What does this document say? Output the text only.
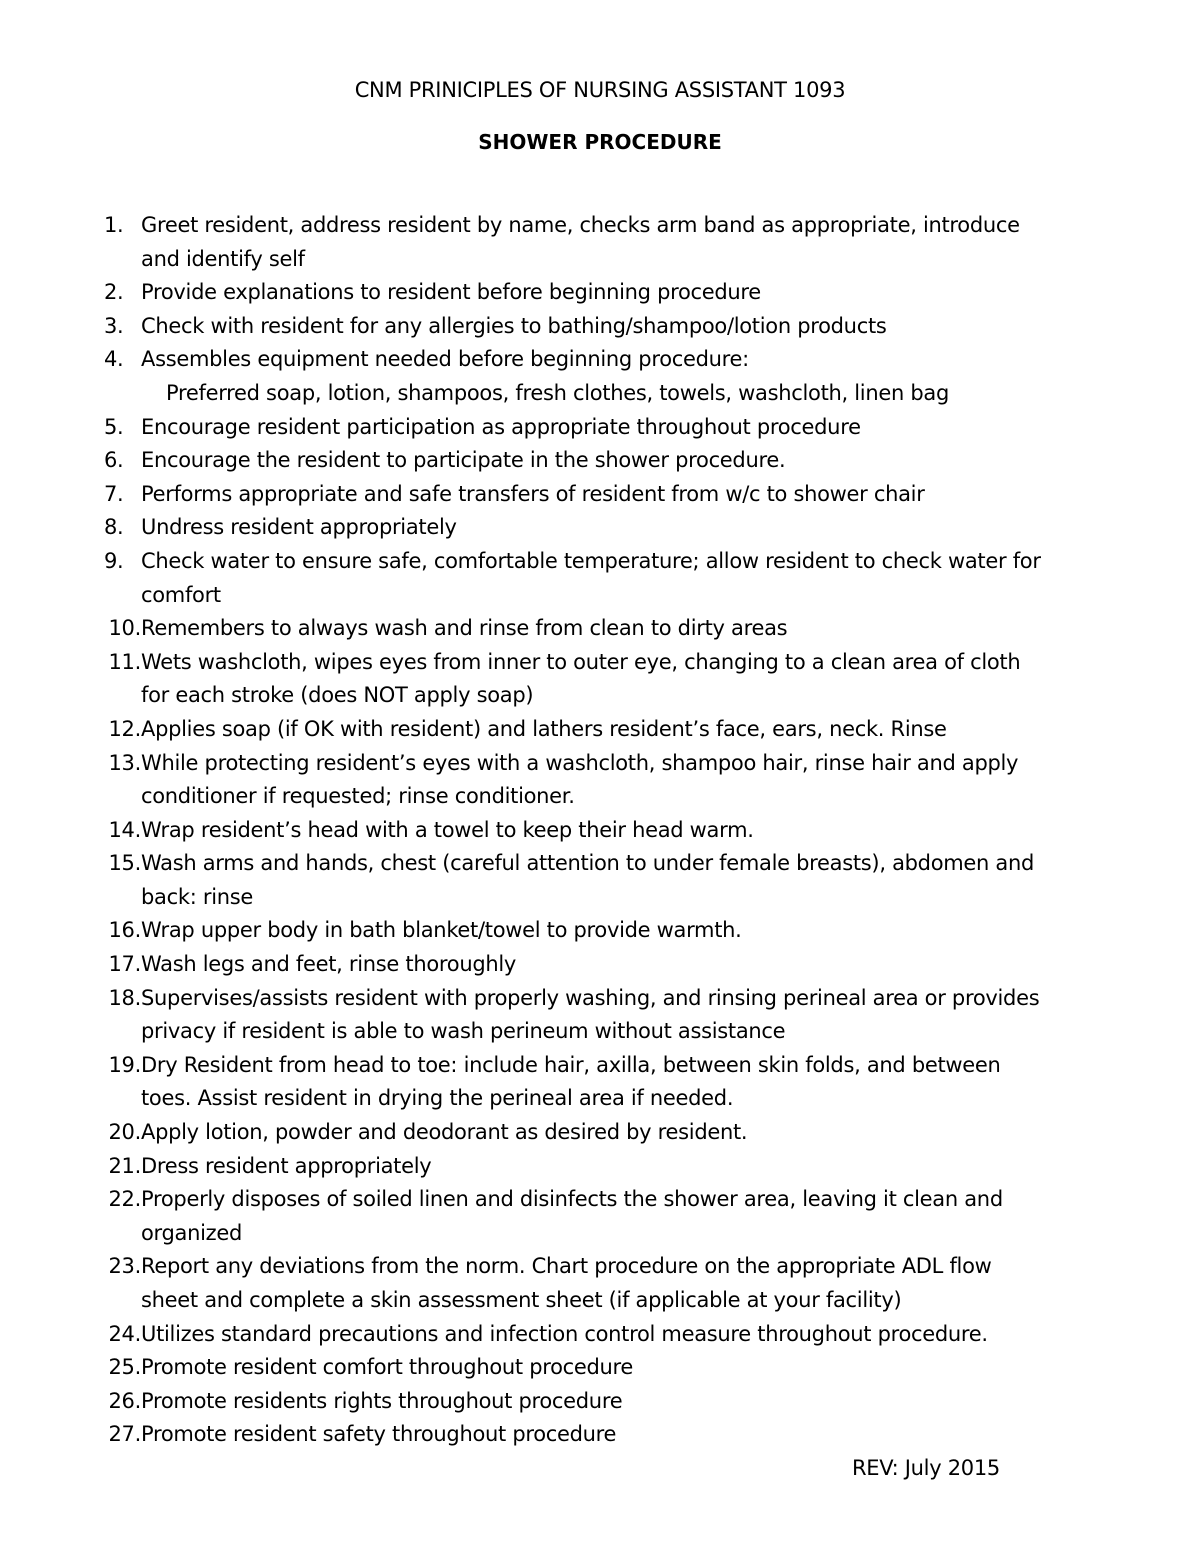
CNM PRINICIPLES OF NURSING ASSISTANT 1093
SHOWER PROCEDURE
1. Greet resident, address resident by name, checks arm band as appropriate, introduce
and identify self
2. Provide explanations to resident before beginning procedure
3. Check with resident for any allergies to bathing/shampoo/lotion products
4. Assembles equipment needed before beginning procedure:
Preferred soap, lotion, shampoos, fresh clothes, towels, washcloth, linen bag
5. Encourage resident participation as appropriate throughout procedure
6. Encourage the resident to participate in the shower procedure.
7. Performs appropriate and safe transfers of resident from w/c to shower chair
8. Undress resident appropriately
9. Check water to ensure safe, comfortable temperature; allow resident to check water for
comfort
10. Remembers to always wash and rinse from clean to dirty areas
11. Wets washcloth, wipes eyes from inner to outer eye, changing to a clean area of cloth
for each stroke (does NOT apply soap)
12. Applies soap (if OK with resident) and lathers resident’s face, ears, neck. Rinse
13. While protecting resident’s eyes with a washcloth, shampoo hair, rinse hair and apply
conditioner if requested; rinse conditioner.
14. Wrap resident’s head with a towel to keep their head warm.
15. Wash arms and hands, chest (careful attention to under female breasts), abdomen and
back: rinse
16. Wrap upper body in bath blanket/towel to provide warmth.
17. Wash legs and feet, rinse thoroughly
18. Supervises/assists resident with properly washing, and rinsing perineal area or provides
privacy if resident is able to wash perineum without assistance
19. Dry Resident from head to toe: include hair, axilla, between skin folds, and between
toes. Assist resident in drying the perineal area if needed.
20. Apply lotion, powder and deodorant as desired by resident.
21. Dress resident appropriately
22. Properly disposes of soiled linen and disinfects the shower area, leaving it clean and
organized
23. Report any deviations from the norm. Chart procedure on the appropriate ADL flow
sheet and complete a skin assessment sheet (if applicable at your facility)
24. Utilizes standard precautions and infection control measure throughout procedure.
25. Promote resident comfort throughout procedure
26. Promote residents rights throughout procedure
27. Promote resident safety throughout procedure
REV: July 2015
